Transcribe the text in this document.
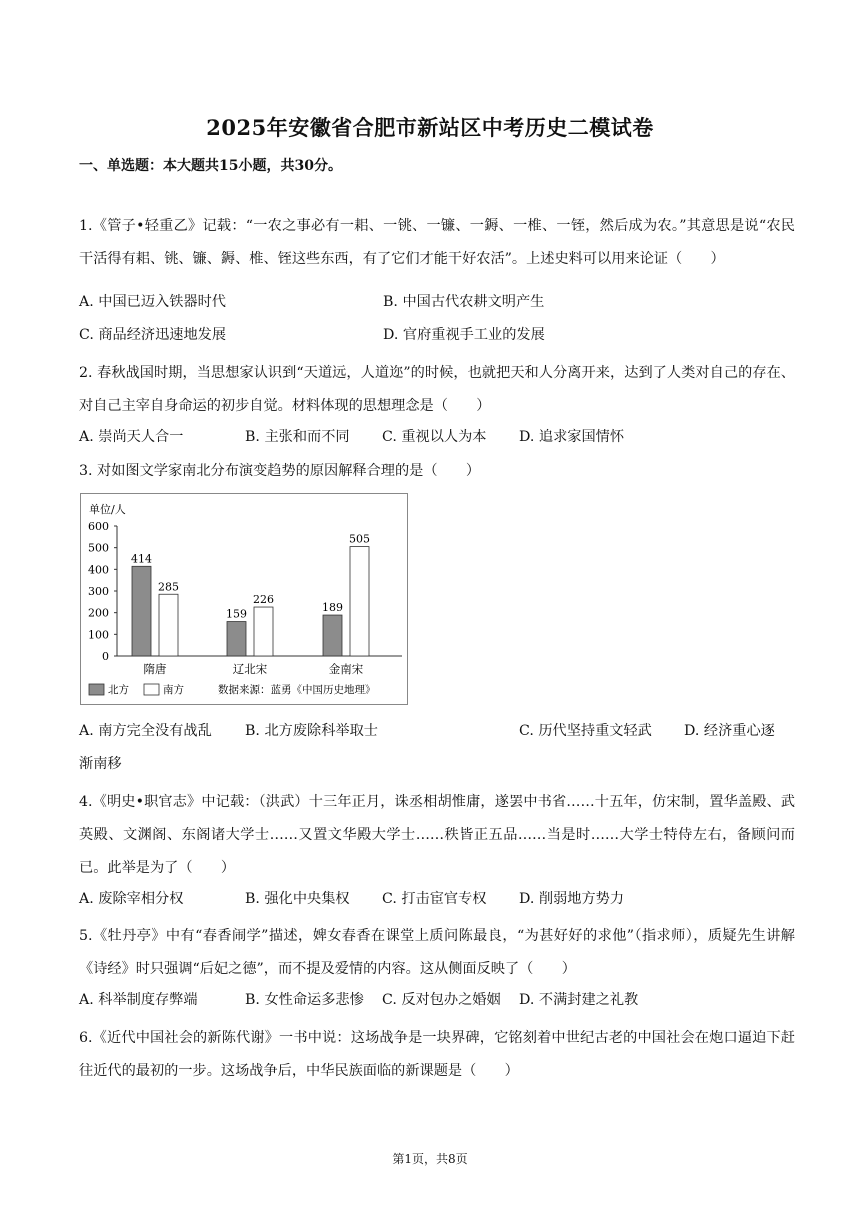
2025年安徽省合肥市新站区中考历史二模试卷
一、单选题：本大题共15小题，共30分。
1.《管子•轻重乙》记载：“一农之事必有一耜、一铫、一镰、一鎒、一椎、一铚，然后成为农。”其意思是说“农民干活得有耜、铫、镰、鎒、椎、铚这些东西，有了它们才能干好农活”。上述史料可以用来论证（　　）
A. 中国已迈入铁器时代	B. 中国古代农耕文明产生
C. 商品经济迅速地发展	D. 官府重视手工业的发展
2. 春秋战国时期，当思想家认识到“天道远，人道迩”的时候，也就把天和人分离开来，达到了人类对自己的存在、对自己主宰自身命运的初步自觉。材料体现的思想理念是（　　）
A. 崇尚天人合一	B. 主张和而不同 C. 重视以人为本 D. 追求家国情怀
3. 对如图文学家南北分布演变趋势的原因解释合理的是（　　）
单位/人
0
100
200
300
400
500
600
414
285
隋唐
159
226
辽北宋
189
505
金南宋
北方	南方	数据来源：蓝勇《中国历史地理》
A. 南方完全没有战乱 B. 北方废除科举取士	C. 历代坚持重文轻武 D. 经济重心逐
渐南移
4.《明史•职官志》中记载：（洪武）十三年正月，诛丞相胡惟庸，遂罢中书省……十五年，仿宋制，置华盖殿、武英殿、文渊阁、东阁诸大学士……又置文华殿大学士……秩皆正五品……当是时……大学士特侍左右，备顾问而已。此举是为了（　　）
A. 废除宰相分权	B. 强化中央集权 C. 打击宦官专权 D. 削弱地方势力
5.《牡丹亭》中有“春香闹学”描述，婢女春香在课堂上质问陈最良，“为甚好好的求他”（指求师），质疑先生讲解《诗经》时只强调“后妃之德”，而不提及爱情的内容。这从侧面反映了（　　）
A. 科举制度存弊端	B. 女性命运多悲惨 C. 反对包办之婚姻 D. 不满封建之礼教
6.《近代中国社会的新陈代谢》一书中说：这场战争是一块界碑，它铭刻着中世纪古老的中国社会在炮口逼迫下赶往近代的最初的一步。这场战争后，中华民族面临的新课题是（　　）
第1页，共8页
